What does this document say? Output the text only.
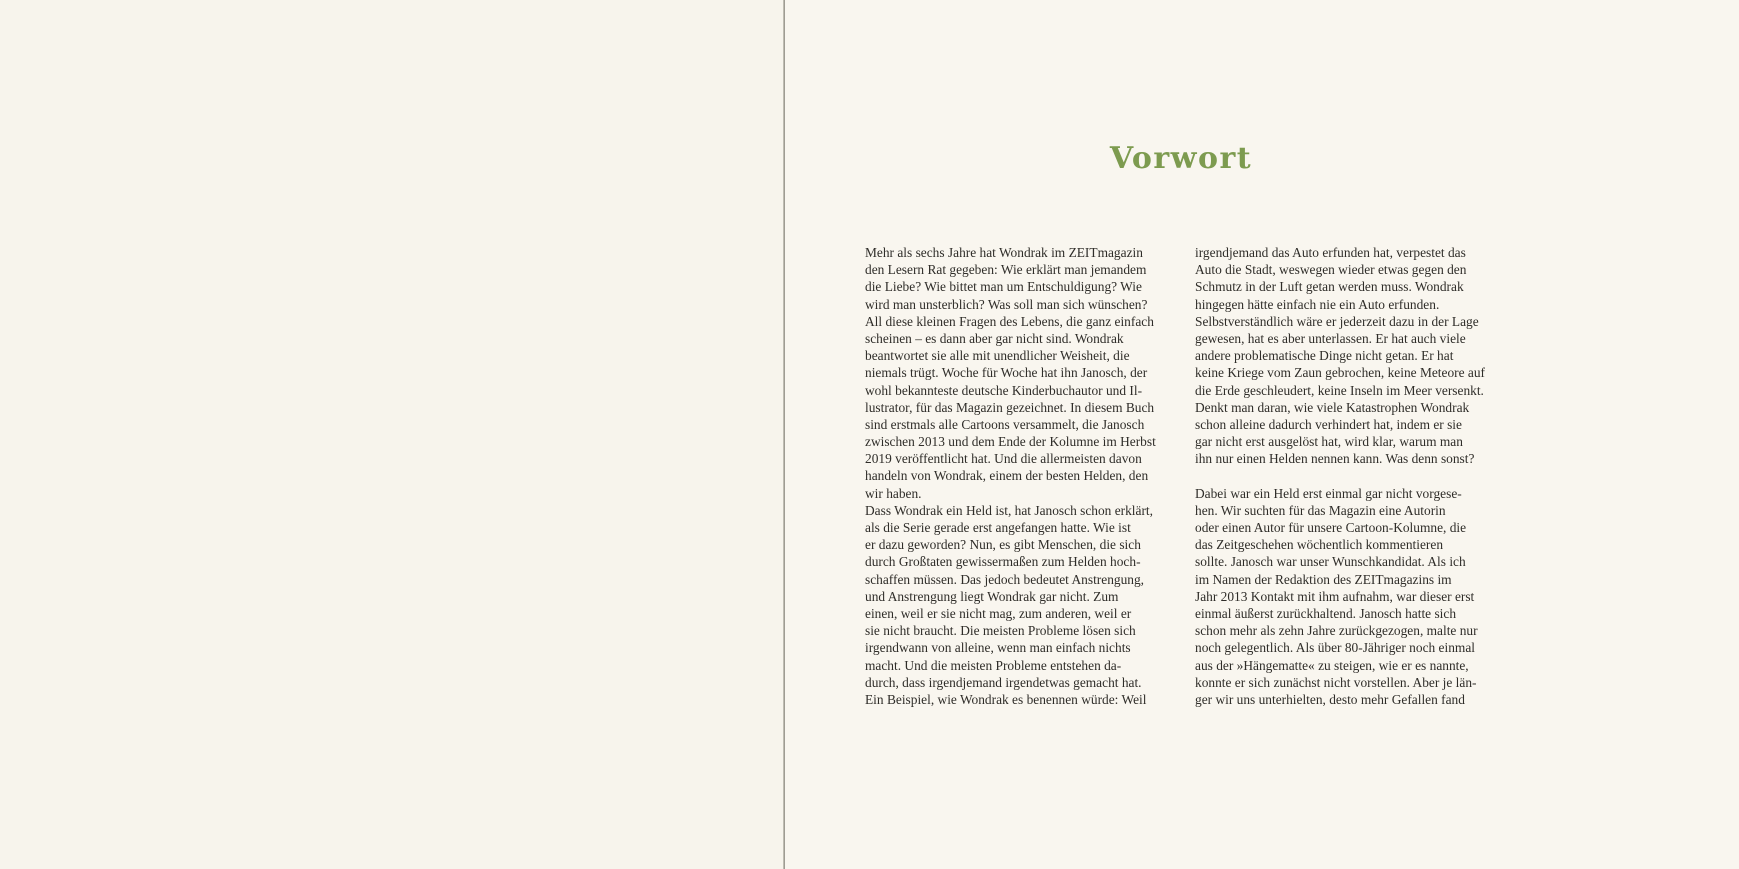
Vorwort
Mehr als sechs Jahre hat Wondrak im ZEITmagazin
den Lesern Rat gegeben: Wie erklärt man jemandem
die Liebe? Wie bittet man um Entschuldigung? Wie
wird man unsterblich? Was soll man sich wünschen?
All diese kleinen Fragen des Lebens, die ganz einfach
scheinen – es dann aber gar nicht sind. Wondrak
beantwortet sie alle mit unendlicher Weisheit, die
niemals trügt. Woche für Woche hat ihn Janosch, der
wohl bekannteste deutsche Kinderbuchautor und Il-
lustrator, für das Magazin gezeichnet. In diesem Buch
sind erstmals alle Cartoons versammelt, die Janosch
zwischen 2013 und dem Ende der Kolumne im Herbst
2019 veröffentlicht hat. Und die allermeisten davon
handeln von Wondrak, einem der besten Helden, den
wir haben.
Dass Wondrak ein Held ist, hat Janosch schon erklärt,
als die Serie gerade erst angefangen hatte. Wie ist
er dazu geworden? Nun, es gibt Menschen, die sich
durch Großtaten gewissermaßen zum Helden hoch-
schaffen müssen. Das jedoch bedeutet Anstrengung,
und Anstrengung liegt Wondrak gar nicht. Zum
einen, weil er sie nicht mag, zum anderen, weil er
sie nicht braucht. Die meisten Probleme lösen sich
irgendwann von alleine, wenn man einfach nichts
macht. Und die meisten Probleme entstehen da-
durch, dass irgendjemand irgendetwas gemacht hat.
Ein Beispiel, wie Wondrak es benennen würde: Weil
irgendjemand das Auto erfunden hat, verpestet das
Auto die Stadt, weswegen wieder etwas gegen den
Schmutz in der Luft getan werden muss. Wondrak
hingegen hätte einfach nie ein Auto erfunden.
Selbstverständlich wäre er jederzeit dazu in der Lage
gewesen, hat es aber unterlassen. Er hat auch viele
andere problematische Dinge nicht getan. Er hat
keine Kriege vom Zaun gebrochen, keine Meteore auf
die Erde geschleudert, keine Inseln im Meer versenkt.
Denkt man daran, wie viele Katastrophen Wondrak
schon alleine dadurch verhindert hat, indem er sie
gar nicht erst ausgelöst hat, wird klar, warum man
ihn nur einen Helden nennen kann. Was denn sonst?
Dabei war ein Held erst einmal gar nicht vorgese-
hen. Wir suchten für das Magazin eine Autorin
oder einen Autor für unsere Cartoon-Kolumne, die
das Zeitgeschehen wöchentlich kommentieren
sollte. Janosch war unser Wunschkandidat. Als ich
im Namen der Redaktion des ZEITmagazins im
Jahr 2013 Kontakt mit ihm aufnahm, war dieser erst
einmal äußerst zurückhaltend. Janosch hatte sich
schon mehr als zehn Jahre zurückgezogen, malte nur
noch gelegentlich. Als über 80-Jähriger noch einmal
aus der »Hängematte« zu steigen, wie er es nannte,
konnte er sich zunächst nicht vorstellen. Aber je län-
ger wir uns unterhielten, desto mehr Gefallen fand
